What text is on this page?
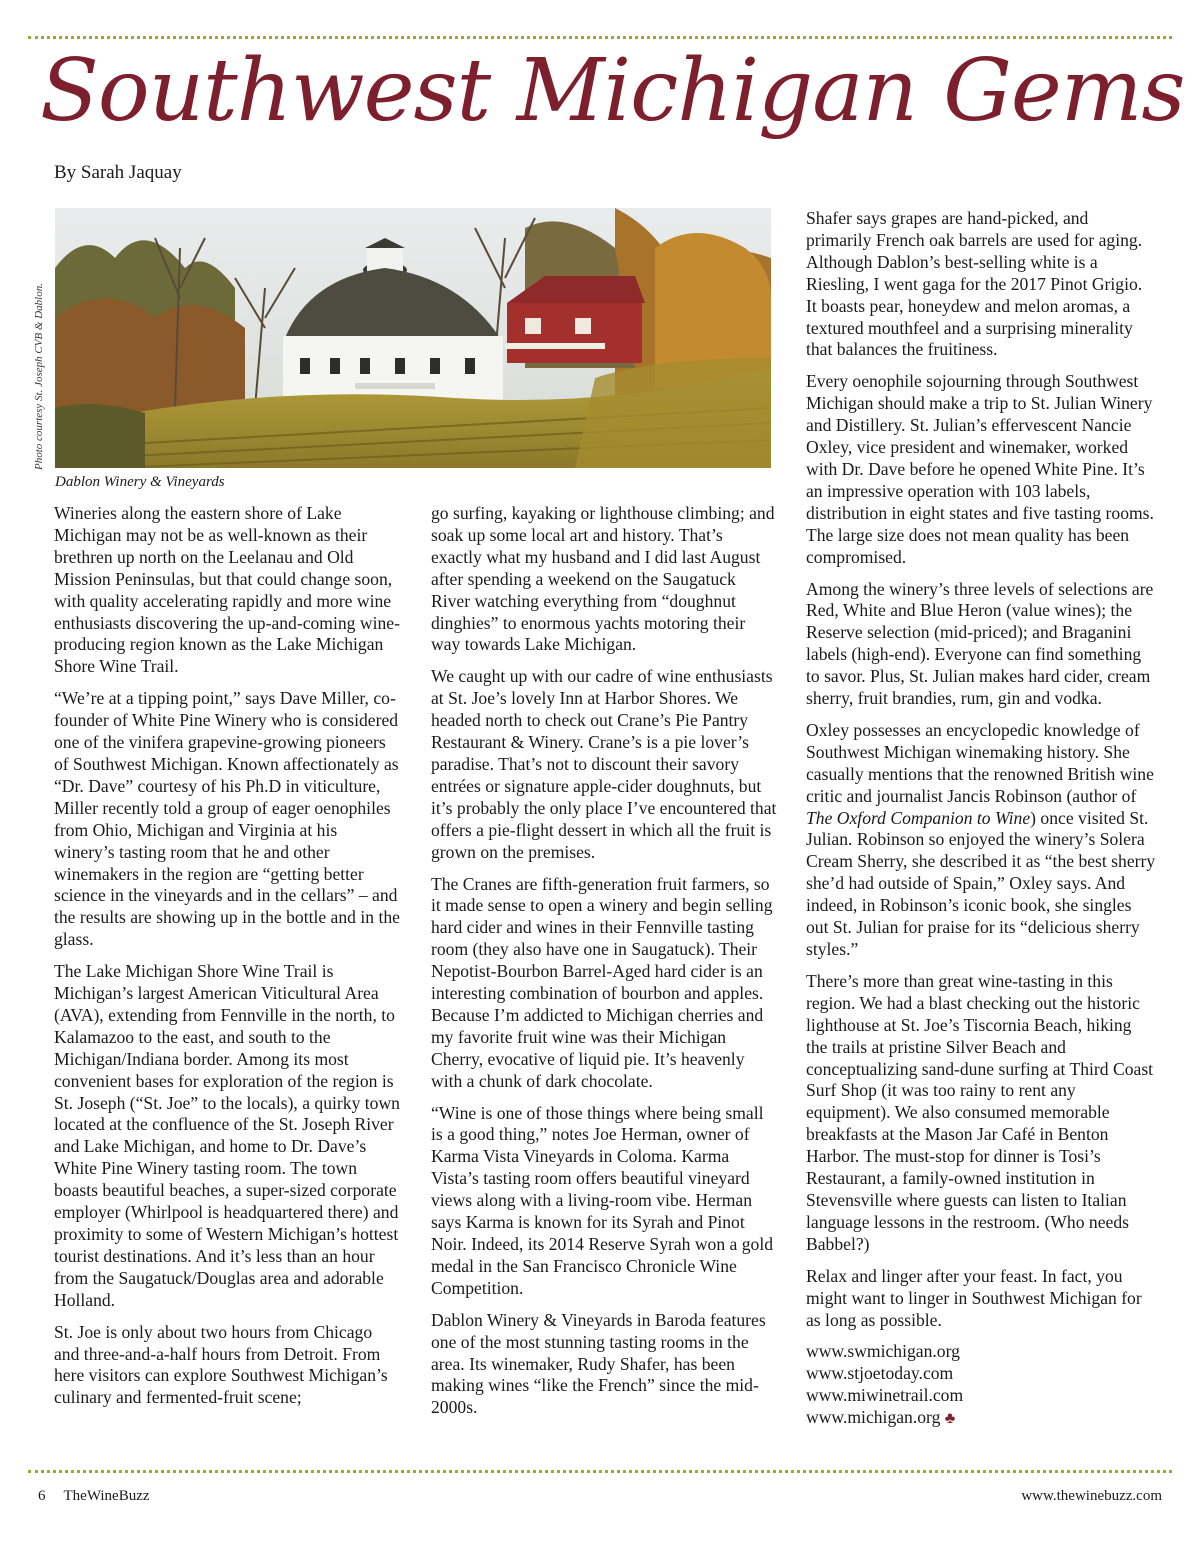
Southwest Michigan Gems
By Sarah Jaquay
Photo courtesy St. Joseph CVB & Dablon.
Dablon Winery & Vineyards

Wineries along the eastern shore of Lake Michigan may not be as well-known as their brethren up north on the Leelanau and Old Mission Peninsulas, but that could change soon, with quality accelerating rapidly and more wine enthusiasts discovering the up-and-coming wine-producing region known as the Lake Michigan Shore Wine Trail.

“We’re at a tipping point,” says Dave Miller, co-founder of White Pine Winery who is considered one of the vinifera grapevine-growing pioneers of Southwest Michigan. Known affectionately as “Dr. Dave” courtesy of his Ph.D in viticulture, Miller recently told a group of eager oenophiles from Ohio, Michigan and Virginia at his winery’s tasting room that he and other winemakers in the region are “getting better science in the vineyards and in the cellars” – and the results are showing up in the bottle and in the glass.

The Lake Michigan Shore Wine Trail is Michigan’s largest American Viticultural Area (AVA), extending from Fennville in the north, to Kalamazoo to the east, and south to the Michigan/Indiana border. Among its most convenient bases for exploration of the region is St. Joseph (“St. Joe” to the locals), a quirky town located at the confluence of the St. Joseph River and Lake Michigan, and home to Dr. Dave’s White Pine Winery tasting room. The town boasts beautiful beaches, a super-sized corporate employer (Whirlpool is headquartered there) and proximity to some of Western Michigan’s hottest tourist destinations. And it’s less than an hour from the Saugatuck/Douglas area and adorable Holland.

St. Joe is only about two hours from Chicago and three-and-a-half hours from Detroit. From here visitors can explore Southwest Michigan’s culinary and fermented-fruit scene;

go surfing, kayaking or lighthouse climbing; and soak up some local art and history. That’s exactly what my husband and I did last August after spending a weekend on the Saugatuck River watching everything from “doughnut dinghies” to enormous yachts motoring their way towards Lake Michigan.

We caught up with our cadre of wine enthusiasts at St. Joe’s lovely Inn at Harbor Shores. We headed north to check out Crane’s Pie Pantry Restaurant & Winery. Crane’s is a pie lover’s paradise. That’s not to discount their savory entrées or signature apple-cider doughnuts, but it’s probably the only place I’ve encountered that offers a pie-flight dessert in which all the fruit is grown on the premises.

The Cranes are fifth-generation fruit farmers, so it made sense to open a winery and begin selling hard cider and wines in their Fennville tasting room (they also have one in Saugatuck). Their Nepotist-Bourbon Barrel-Aged hard cider is an interesting combination of bourbon and apples. Because I’m addicted to Michigan cherries and my favorite fruit wine was their Michigan Cherry, evocative of liquid pie. It’s heavenly with a chunk of dark chocolate.

“Wine is one of those things where being small is a good thing,” notes Joe Herman, owner of Karma Vista Vineyards in Coloma. Karma Vista’s tasting room offers beautiful vineyard views along with a living-room vibe. Herman says Karma is known for its Syrah and Pinot Noir. Indeed, its 2014 Reserve Syrah won a gold medal in the San Francisco Chronicle Wine Competition.

Dablon Winery & Vineyards in Baroda features one of the most stunning tasting rooms in the area. Its winemaker, Rudy Shafer, has been making wines “like the French” since the mid-2000s.

Shafer says grapes are hand-picked, and primarily French oak barrels are used for aging. Although Dablon’s best-selling white is a Riesling, I went gaga for the 2017 Pinot Grigio. It boasts pear, honeydew and melon aromas, a textured mouthfeel and a surprising minerality that balances the fruitiness.

Every oenophile sojourning through Southwest Michigan should make a trip to St. Julian Winery and Distillery. St. Julian’s effervescent Nancie Oxley, vice president and winemaker, worked with Dr. Dave before he opened White Pine. It’s an impressive operation with 103 labels, distribution in eight states and five tasting rooms. The large size does not mean quality has been compromised.

Among the winery’s three levels of selections are Red, White and Blue Heron (value wines); the Reserve selection (mid-priced); and Braganini labels (high-end). Everyone can find something to savor. Plus, St. Julian makes hard cider, cream sherry, fruit brandies, rum, gin and vodka.

Oxley possesses an encyclopedic knowledge of Southwest Michigan winemaking history. She casually mentions that the renowned British wine critic and journalist Jancis Robinson (author of The Oxford Companion to Wine) once visited St. Julian. Robinson so enjoyed the winery’s Solera Cream Sherry, she described it as “the best sherry she’d had outside of Spain,” Oxley says. And indeed, in Robinson’s iconic book, she singles out St. Julian for praise for its “delicious sherry styles.”

There’s more than great wine-tasting in this region. We had a blast checking out the historic lighthouse at St. Joe’s Tiscornia Beach, hiking the trails at pristine Silver Beach and conceptualizing sand-dune surfing at Third Coast Surf Shop (it was too rainy to rent any equipment). We also consumed memorable breakfasts at the Mason Jar Café in Benton Harbor. The must-stop for dinner is Tosi’s Restaurant, a family-owned institution in Stevensville where guests can listen to Italian language lessons in the restroom. (Who needs Babbel?)

Relax and linger after your feast. In fact, you might want to linger in Southwest Michigan for as long as possible.

www.swmichigan.org

www.stjoetoday.com

www.miwinetrail.com

www.michigan.org ♣

6 TheWineBuzz	www.thewinebuzz.com
